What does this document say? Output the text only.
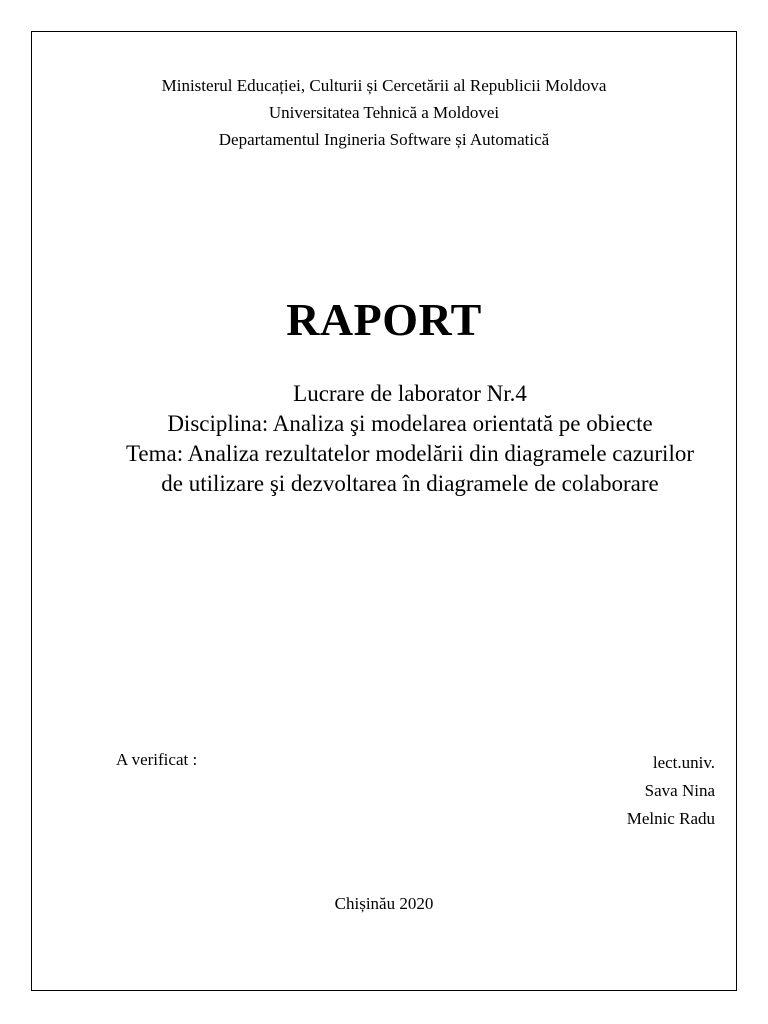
Ministerul Educației, Culturii și Cercetării al Republicii Moldova
Universitatea Tehnică a Moldovei
Departamentul Ingineria Software și Automatică
RAPORT
Lucrare de laborator Nr.4
Disciplina: Analiza şi modelarea orientată pe obiecte
Tema: Analiza rezultatelor modelării din diagramele cazurilor de utilizare şi dezvoltarea în diagramele de colaborare
A verificat :	lect.univ.
Sava Nina
Melnic Radu
Chișinău 2020
